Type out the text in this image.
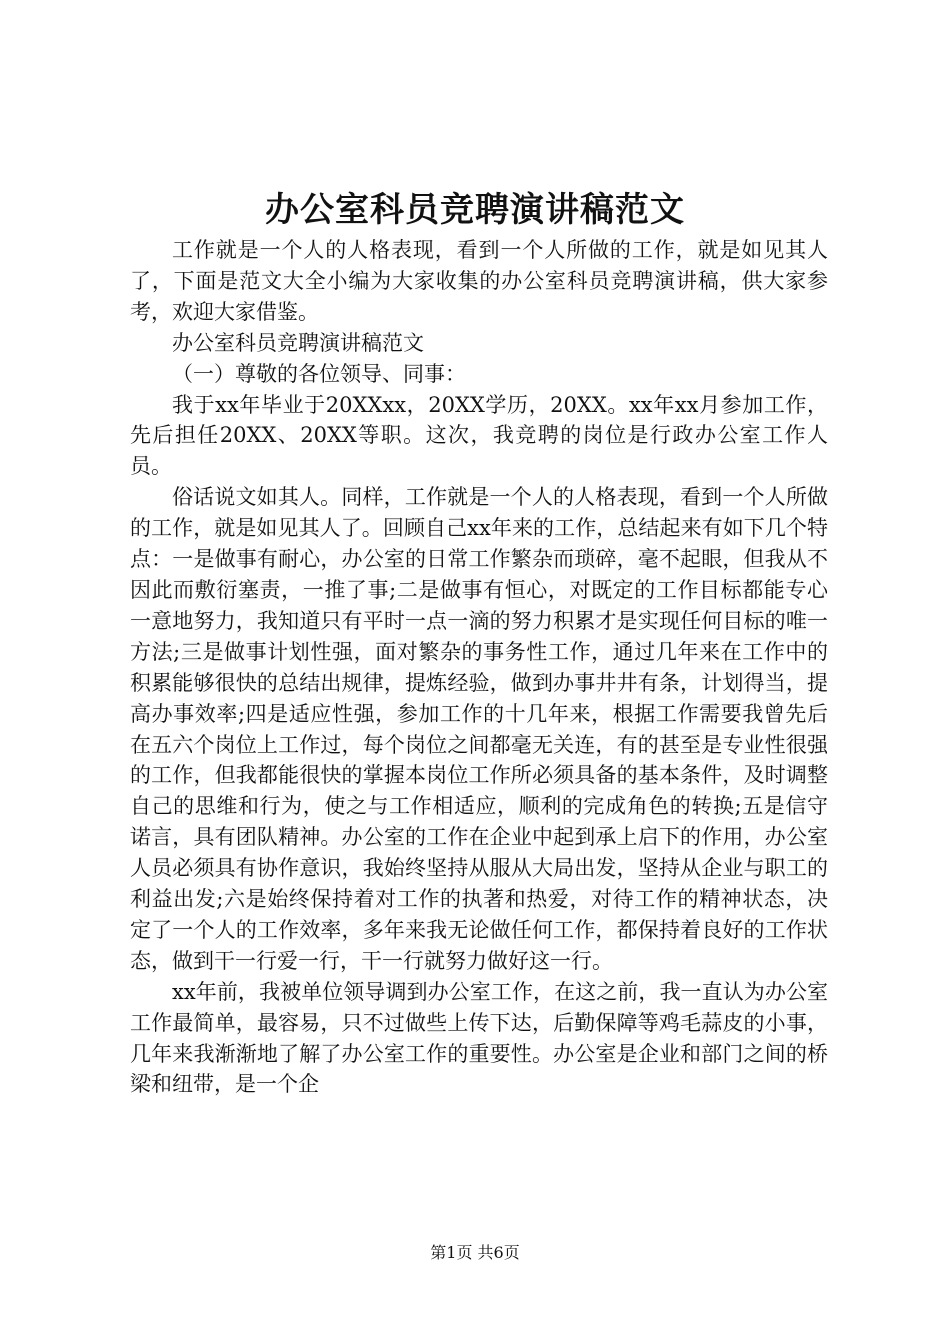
办公室科员竞聘演讲稿范文

工作就是一个人的人格表现，看到一个人所做的工作，就是如见其人了，下面是范文大全小编为大家收集的办公室科员竞聘演讲稿，供大家参考，欢迎大家借鉴。

办公室科员竞聘演讲稿范文

（一）尊敬的各位领导、同事：

我于xx年毕业于20XXxx，20XX学历，20XX。xx年xx月参加工作，先后担任20XX、20XX等职。这次，我竞聘的岗位是行政办公室工作人员。

俗话说文如其人。同样，工作就是一个人的人格表现，看到一个人所做的工作，就是如见其人了。回顾自己xx年来的工作，总结起来有如下几个特点：一是做事有耐心，办公室的日常工作繁杂而琐碎，毫不起眼，但我从不因此而敷衍塞责，一推了事;二是做事有恒心，对既定的工作目标都能专心一意地努力，我知道只有平时一点一滴的努力积累才是实现任何目标的唯一方法;三是做事计划性强，面对繁杂的事务性工作，通过几年来在工作中的积累能够很快的总结出规律，提炼经验，做到办事井井有条，计划得当，提高办事效率;四是适应性强，参加工作的十几年来，根据工作需要我曾先后在五六个岗位上工作过，每个岗位之间都毫无关连，有的甚至是专业性很强的工作，但我都能很快的掌握本岗位工作所必须具备的基本条件，及时调整自己的思维和行为，使之与工作相适应，顺利的完成角色的转换;五是信守诺言，具有团队精神。办公室的工作在企业中起到承上启下的作用，办公室人员必须具有协作意识，我始终坚持从服从大局出发，坚持从企业与职工的利益出发;六是始终保持着对工作的执著和热爱，对待工作的精神状态，决定了一个人的工作效率，多年来我无论做任何工作，都保持着良好的工作状态，做到干一行爱一行，干一行就努力做好这一行。

xx年前，我被单位领导调到办公室工作，在这之前，我一直认为办公室工作最简单，最容易，只不过做些上传下达，后勤保障等鸡毛蒜皮的小事，几年来我渐渐地了解了办公室工作的重要性。办公室是企业和部门之间的桥梁和纽带，是一个企

第1页 共6页
